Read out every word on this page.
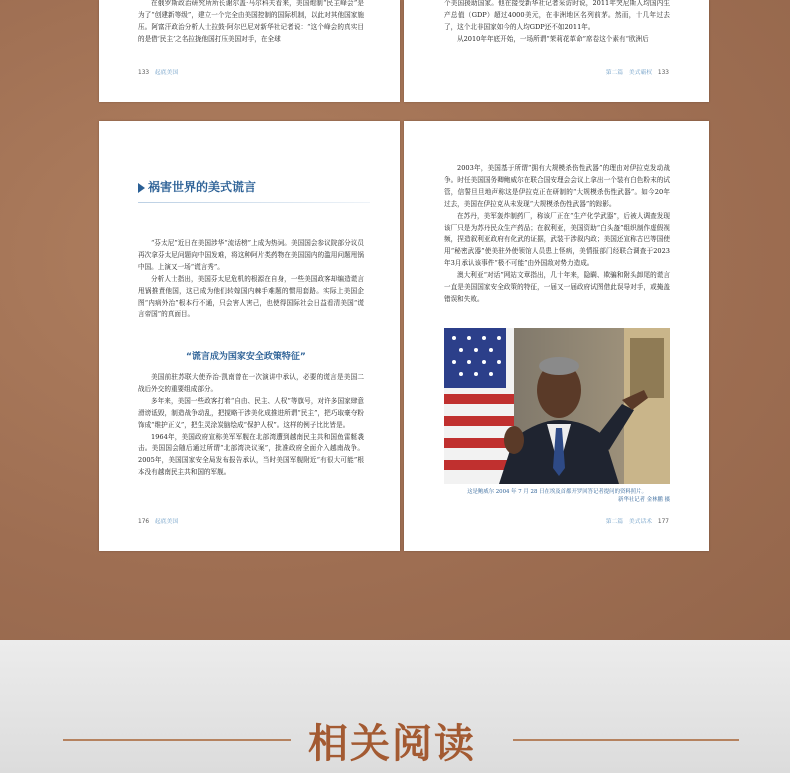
在俄罗斯政治研究所所长谢尔盖·马尔科夫看来，美国炮制“民主峰会”是为了“创建新等级”，建立一个完全由美国控制的国际机制，以此对其他国家施压。阿富汗政治分析人士拉鼓·阿尔巴尼对新华社记者说：“这个峰会的真实目的是借‘民主’之名拉拢他国打压美国对手，在全球
133 起底美国

个美国援助国家。他在接受新华社记者采访时说，2011年突尼斯人均国内生产总值（GDP）超过4000美元，在非洲地区名列前茅。然而，十几年过去了，这个北非国家如今的人均GDP还不如2011年。

从2010年年底开始，一场所谓“茉莉花革命”席卷这个素有“欧洲后

第二篇　美式霸权 133
祸害世界的美式谎言

“芬太尼”近日在美国涉华“流话榜”上成为热词。美国国会参议院部分议员再次拿芬太尼问题向中国发难，将这种阿片类药物在美国国内的滥用问题甩锅中国。上演又一场“谎言秀”。

分析人士指出，美国芬太尼危机的根源在自身，一些美国政客却编造谎言甩锅推責他国，这已成为他们转嫁国内棘手难题的惯用套路。实际上美国企图“内病外治”根本行不通，只会害人害己，也使得国际社会日益看清美国“谎言帝国”的真面目。

“谎言成为国家安全政策特征”

美国前驻苏联大使乔治·凯南曾在一次演讲中承认，必要的谎言是美国二战后外交的重要组成部分。

多年来，美国一些政客打着“自由、民主、人权”等旗号，对许多国家肆意滑谤诋毁，制造战争动乱，把搅略干涉美化成推进所谓“民主”，把巧取豪夺粉饰成“维护正义”，把生灵涂炭脑绘成“保护人权”。这样的例子比比皆是。

1964年，美国政府宣称美军军舰在北部湾遭到越南民主共和国鱼雷艇袭击。美国国会随后通过所谓“北部湾决议案”，批准政府全面介入越南战争。2005年，美国国家安全局发布报告承认，当时美国军舰附近“有很大可能”根本没有越南民主共和国的军舰。

176 起底美国

2003年，美国基于所谓“拥有大规模杀伤性武器”的理由对伊拉克发动战争。时任美国国务卿鲍威尔在联合国安理会会议上拿出一个装有白色粉末的试管，信誓旦旦地声称这是伊拉克正在研制的“大规模杀伤性武器”。如今20年过去，美国在伊拉克从未发现“大规模杀伤性武器”的踪影。

在苏丹，美军轰炸制药厂，称该厂正在“生产化学武器”，后被人调查发现该厂只是为苏丹民众生产药品；在叙利亚，美国资助“白头盔”组织制作虚假视频，捏造叙利亚政府有化武的证据，武装干涉叙内政；美国还宣称古巴等国使用“秘密武器”使美驻外使领馆人员患上怪病，美情报部门经联合调查于2023年3月承认该事件“极不可能”由外国敌对势力造成。

澳大利亚“对话”网站文章指出，几十年来，隐瞒、欺骗和附头卸尾的谎言一直是美国国家安全政策的特征，一届又一届政府试图借此误导对手，或掩盖错误和失败。

这是鲍威尔 2004 年 7 月 28 日在埃及首都开罗回答记者提问的资料照片。
新华社记者 金林鹏 摄
第二篇　美式话术 177
相关阅读
